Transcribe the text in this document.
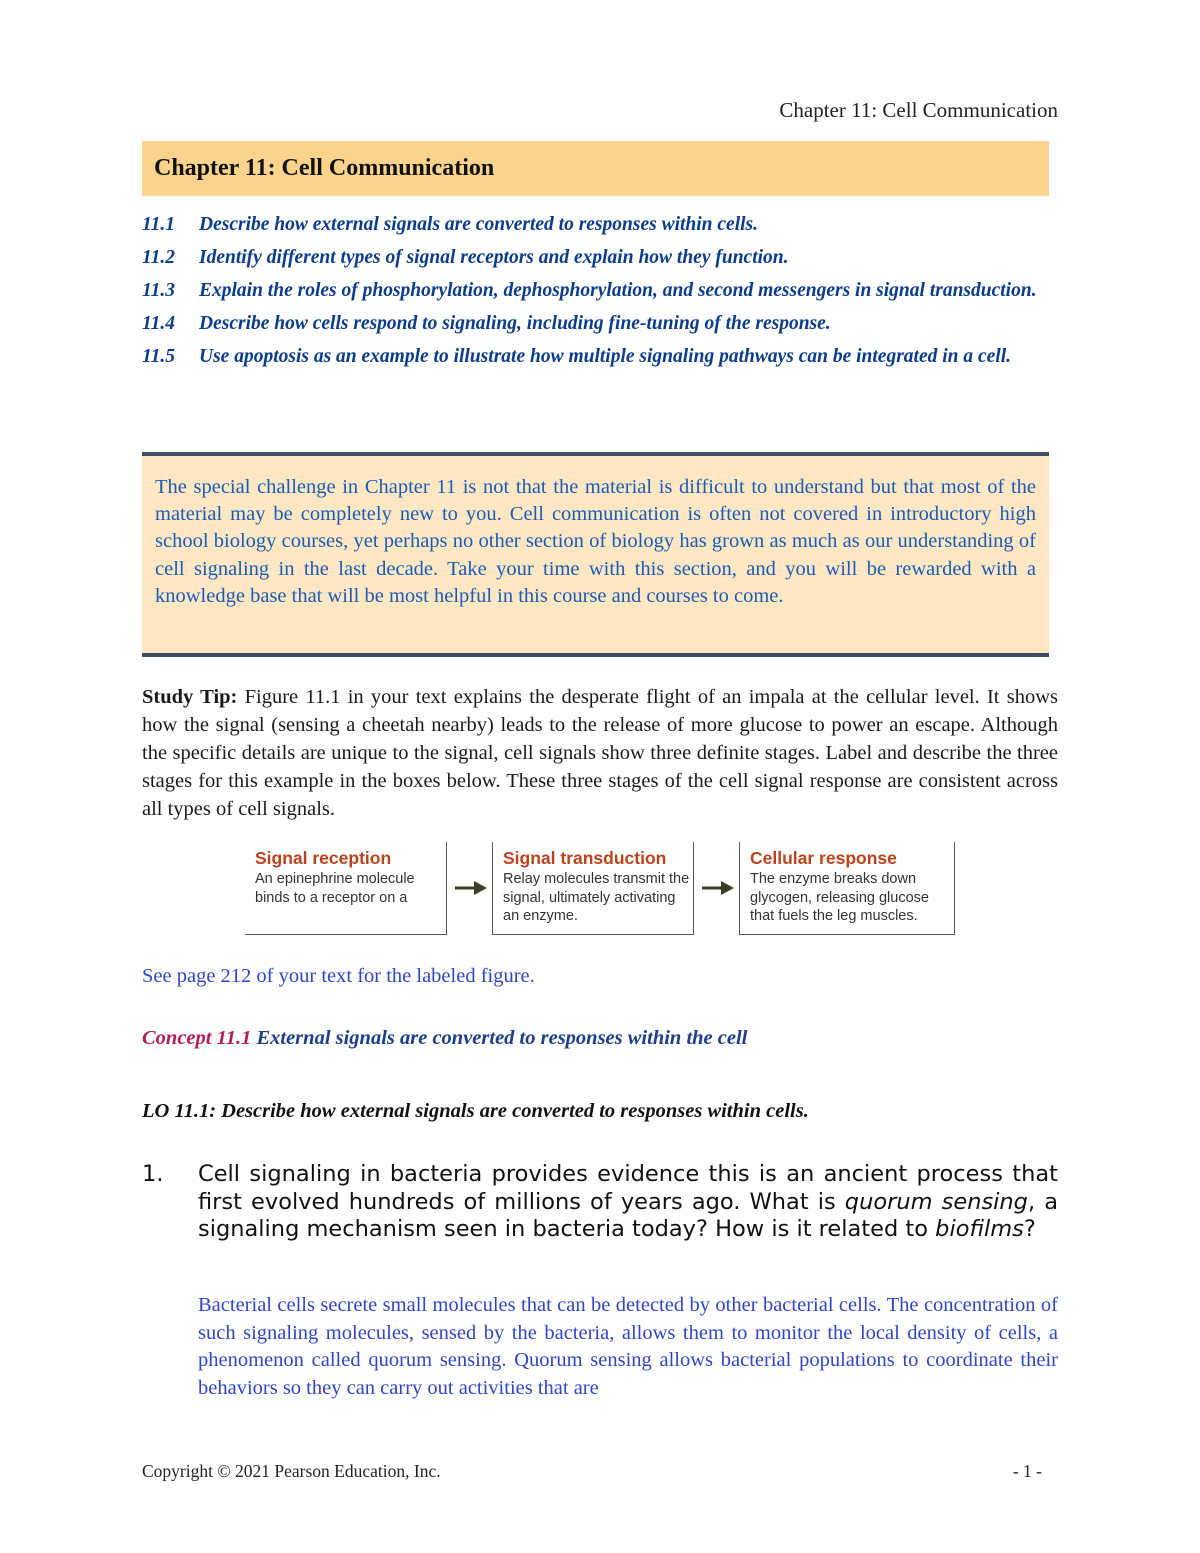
Chapter 11: Cell Communication
Chapter 11: Cell Communication
11.1	Describe how external signals are converted to responses within cells.
11.2	Identify different types of signal receptors and explain how they function.
11.3	Explain the roles of phosphorylation, dephosphorylation, and second messengers in signal transduction.
11.4	Describe how cells respond to signaling, including fine-tuning of the response.
11.5	Use apoptosis as an example to illustrate how multiple signaling pathways can be integrated in a cell.

The special challenge in Chapter 11 is not that the material is difficult to understand but that most of the material may be completely new to you. Cell communication is often not covered in introductory high school biology courses, yet perhaps no other section of biology has grown as much as our understanding of cell signaling in the last decade. Take your time with this section, and you will be rewarded with a knowledge base that will be most helpful in this course and courses to come.

Study Tip: Figure 11.1 in your text explains the desperate flight of an impala at the cellular level. It shows how the signal (sensing a cheetah nearby) leads to the release of more glucose to power an escape. Although the specific details are unique to the signal, cell signals show three definite stages. Label and describe the three stages for this example in the boxes below. These three stages of the cell signal response are consistent across all types of cell signals.

Signal reception
An epinephrine molecule binds to a receptor on a
Signal transduction
Relay molecules transmit the signal, ultimately activating an enzyme.
Cellular response
The enzyme breaks down glycogen, releasing glucose that fuels the leg muscles.
See page 212 of your text for the labeled figure.
Concept 11.1 External signals are converted to responses within the cell
LO 11.1: Describe how external signals are converted to responses within cells.
1.	Cell signaling in bacteria provides evidence this is an ancient process that first evolved hundreds of millions of years ago. What is quorum sensing, a signaling mechanism seen in bacteria today? How is it related to biofilms?

Bacterial cells secrete small molecules that can be detected by other bacterial cells. The concentration of such signaling molecules, sensed by the bacteria, allows them to monitor the local density of cells, a phenomenon called quorum sensing. Quorum sensing allows bacterial populations to coordinate their behaviors so they can carry out activities that are

Copyright © 2021 Pearson Education, Inc.	- 1 -
